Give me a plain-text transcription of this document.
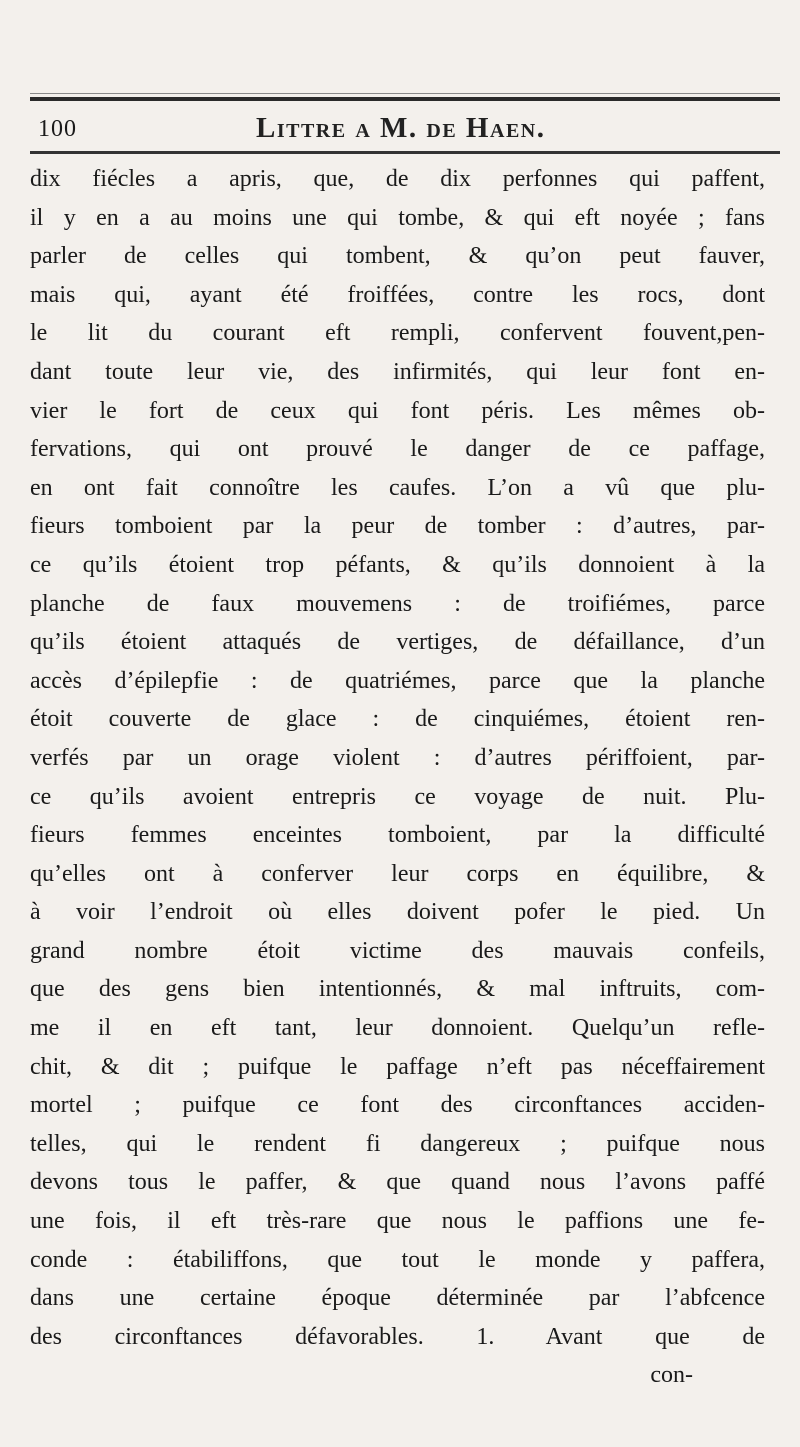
100	Littre a M. de Haen.
dix fiécles a apris, que, de dix perfonnes qui paffent,
il y en a au moins une qui tombe, & qui eft noyée ; fans
parler de celles qui tombent, & qu’on peut fauver,
mais qui, ayant été froiffées, contre les rocs, dont
le lit du courant eft rempli, confervent fouvent,pen-
dant toute leur vie, des infirmités, qui leur font en-
vier le fort de ceux qui font péris. Les mêmes ob-
fervations, qui ont prouvé le danger de ce paffage,
en ont fait connoître les caufes. L’on a vû que plu-
fieurs tomboient par la peur de tomber : d’autres, par-
ce qu’ils étoient trop péfants, & qu’ils donnoient à la
planche de faux mouvemens : de troifiémes, parce
qu’ils étoient attaqués de vertiges, de défaillance, d’un
accès d’épilepfie : de quatriémes, parce que la planche
étoit couverte de glace : de cinquiémes, étoient ren-
verfés par un orage violent : d’autres périffoient, par-
ce qu’ils avoient entrepris ce voyage de nuit. Plu-
fieurs femmes enceintes tomboient, par la difficulté
qu’elles ont à conferver leur corps en équilibre, &
à voir l’endroit où elles doivent pofer le pied. Un
grand nombre étoit victime des mauvais confeils,
que des gens bien intentionnés, & mal inftruits, com-
me il en eft tant, leur donnoient. Quelqu’un refle-
chit, & dit ; puifque le paffage n’eft pas néceffairement
mortel ; puifque ce font des circonftances acciden-
telles, qui le rendent fi dangereux ; puifque nous
devons tous le paffer, & que quand nous l’avons paffé
une fois, il eft très-rare que nous le paffions une fe-
conde : étabiliffons, que tout le monde y paffera,
dans une certaine époque déterminée par l’abfcence
des circonftances défavorables. 1. Avant que de
con-
